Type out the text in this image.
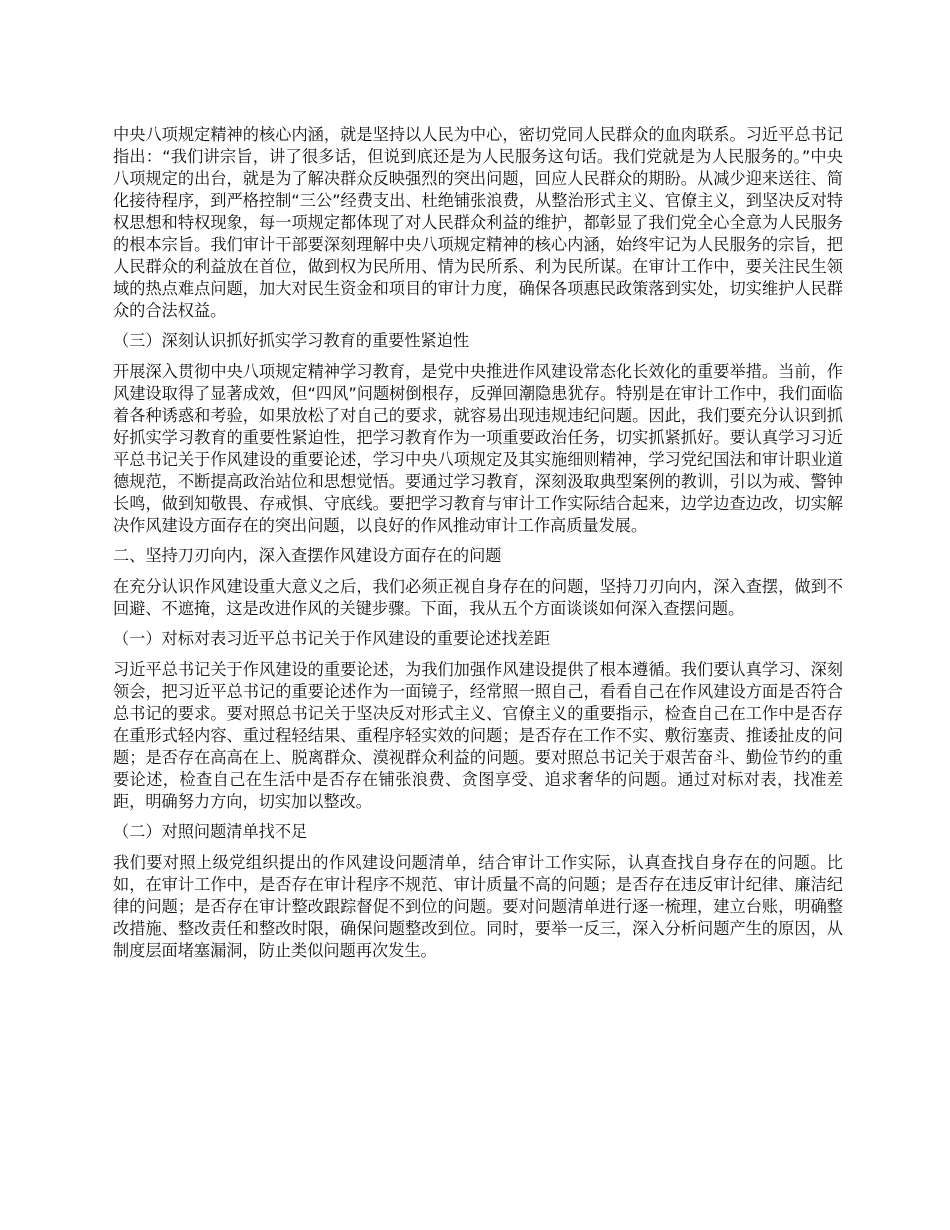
中央八项规定精神的核心内涵，就是坚持以人民为中心，密切党同人民群众的血肉联系。习近平总书记指出：“我们讲宗旨，讲了很多话，但说到底还是为人民服务这句话。我们党就是为人民服务的。”中央八项规定的出台，就是为了解决群众反映强烈的突出问题，回应人民群众的期盼。从减少迎来送往、简化接待程序，到严格控制“三公”经费支出、杜绝铺张浪费，从整治形式主义、官僚主义，到坚决反对特权思想和特权现象，每一项规定都体现了对人民群众利益的维护，都彰显了我们党全心全意为人民服务的根本宗旨。我们审计干部要深刻理解中央八项规定精神的核心内涵，始终牢记为人民服务的宗旨，把人民群众的利益放在首位，做到权为民所用、情为民所系、利为民所谋。在审计工作中，要关注民生领域的热点难点问题，加大对民生资金和项目的审计力度，确保各项惠民政策落到实处，切实维护人民群众的合法权益。

（三）深刻认识抓好抓实学习教育的重要性紧迫性

开展深入贯彻中央八项规定精神学习教育，是党中央推进作风建设常态化长效化的重要举措。当前，作风建设取得了显著成效，但“四风”问题树倒根存，反弹回潮隐患犹存。特别是在审计工作中，我们面临着各种诱惑和考验，如果放松了对自己的要求，就容易出现违规违纪问题。因此，我们要充分认识到抓好抓实学习教育的重要性紧迫性，把学习教育作为一项重要政治任务，切实抓紧抓好。要认真学习习近平总书记关于作风建设的重要论述，学习中央八项规定及其实施细则精神，学习党纪国法和审计职业道德规范，不断提高政治站位和思想觉悟。要通过学习教育，深刻汲取典型案例的教训，引以为戒、警钟长鸣，做到知敬畏、存戒惧、守底线。要把学习教育与审计工作实际结合起来，边学边查边改，切实解决作风建设方面存在的突出问题，以良好的作风推动审计工作高质量发展。

二、坚持刀刃向内，深入查摆作风建设方面存在的问题

在充分认识作风建设重大意义之后，我们必须正视自身存在的问题，坚持刀刃向内，深入查摆，做到不回避、不遮掩，这是改进作风的关键步骤。下面，我从五个方面谈谈如何深入查摆问题。

（一）对标对表习近平总书记关于作风建设的重要论述找差距

习近平总书记关于作风建设的重要论述，为我们加强作风建设提供了根本遵循。我们要认真学习、深刻领会，把习近平总书记的重要论述作为一面镜子，经常照一照自己，看看自己在作风建设方面是否符合总书记的要求。要对照总书记关于坚决反对形式主义、官僚主义的重要指示，检查自己在工作中是否存在重形式轻内容、重过程轻结果、重程序轻实效的问题；是否存在工作不实、敷衍塞责、推诿扯皮的问题；是否存在高高在上、脱离群众、漠视群众利益的问题。要对照总书记关于艰苦奋斗、勤俭节约的重要论述，检查自己在生活中是否存在铺张浪费、贪图享受、追求奢华的问题。通过对标对表，找准差距，明确努力方向，切实加以整改。

（二）对照问题清单找不足

我们要对照上级党组织提出的作风建设问题清单，结合审计工作实际，认真查找自身存在的问题。比如，在审计工作中，是否存在审计程序不规范、审计质量不高的问题；是否存在违反审计纪律、廉洁纪律的问题；是否存在审计整改跟踪督促不到位的问题。要对问题清单进行逐一梳理，建立台账，明确整改措施、整改责任和整改时限，确保问题整改到位。同时，要举一反三，深入分析问题产生的原因，从制度层面堵塞漏洞，防止类似问题再次发生。
